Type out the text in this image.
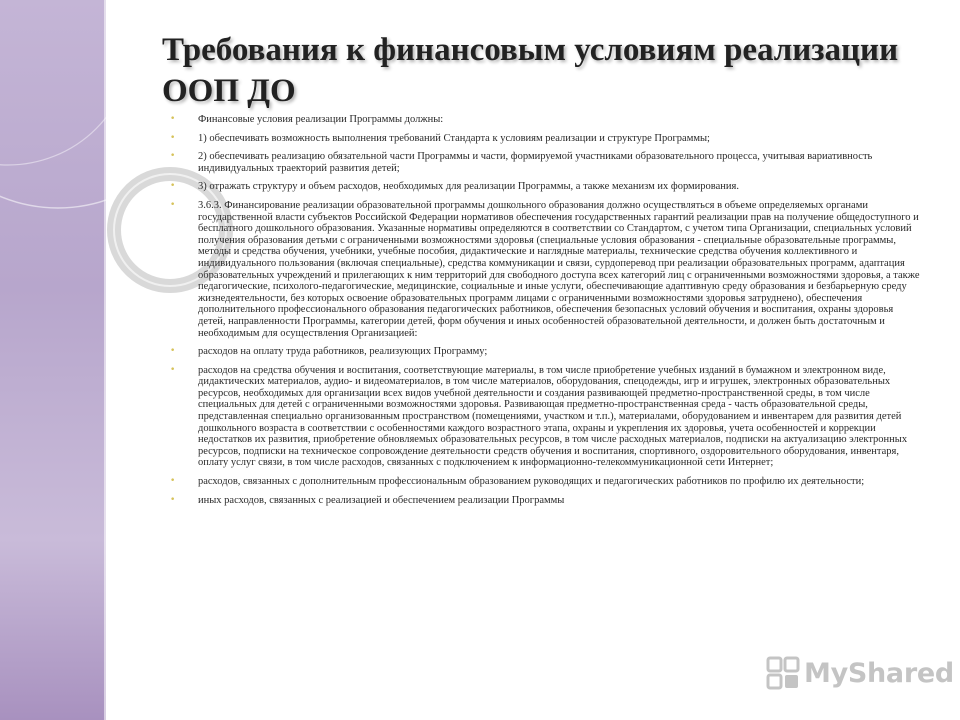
Требования к финансовым условиям реализации ООП ДО
• Финансовые условия реализации Программы должны:
• 1) обеспечивать возможность выполнения требований Стандарта к условиям реализации и структуре Программы;
• 2) обеспечивать реализацию обязательной части Программы и части, формируемой участниками образовательного процесса, учитывая вариативность индивидуальных траекторий развития детей;
• 3) отражать структуру и объем расходов, необходимых для реализации Программы, а также механизм их формирования.
• 3.6.3. Финансирование реализации образовательной программы дошкольного образования должно осуществляться в объеме определяемых органами государственной власти субъектов Российской Федерации нормативов обеспечения государственных гарантий реализации прав на получение общедоступного и бесплатного дошкольного образования. Указанные нормативы определяются в соответствии со Стандартом, с учетом типа Организации, специальных условий получения образования детьми с ограниченными возможностями здоровья (специальные условия образования - специальные образовательные программы, методы и средства обучения, учебники, учебные пособия, дидактические и наглядные материалы, технические средства обучения коллективного и индивидуального пользования (включая специальные), средства коммуникации и связи, сурдоперевод при реализации образовательных программ, адаптация образовательных учреждений и прилегающих к ним территорий для свободного доступа всех категорий лиц с ограниченными возможностями здоровья, а также педагогические, психолого-педагогические, медицинские, социальные и иные услуги, обеспечивающие адаптивную среду образования и безбарьерную среду жизнедеятельности, без которых освоение образовательных программ лицами с ограниченными возможностями здоровья затруднено), обеспечения дополнительного профессионального образования педагогических работников, обеспечения безопасных условий обучения и воспитания, охраны здоровья детей, направленности Программы, категории детей, форм обучения и иных особенностей образовательной деятельности, и должен быть достаточным и необходимым для осуществления Организацией:
• расходов на оплату труда работников, реализующих Программу;
• расходов на средства обучения и воспитания, соответствующие материалы, в том числе приобретение учебных изданий в бумажном и электронном виде, дидактических материалов, аудио- и видеоматериалов, в том числе материалов, оборудования, спецодежды, игр и игрушек, электронных образовательных ресурсов, необходимых для организации всех видов учебной деятельности и создания развивающей предметно-пространственной среды, в том числе специальных для детей с ограниченными возможностями здоровья. Развивающая предметно-пространственная среда - часть образовательной среды, представленная специально организованным пространством (помещениями, участком и т.п.), материалами, оборудованием и инвентарем для развития детей дошкольного возраста в соответствии с особенностями каждого возрастного этапа, охраны и укрепления их здоровья, учета особенностей и коррекции недостатков их развития, приобретение обновляемых образовательных ресурсов, в том числе расходных материалов, подписки на актуализацию электронных ресурсов, подписки на техническое сопровождение деятельности средств обучения и воспитания, спортивного, оздоровительного оборудования, инвентаря, оплату услуг связи, в том числе расходов, связанных с подключением к информационно-телекоммуникационной сети Интернет;
• расходов, связанных с дополнительным профессиональным образованием руководящих и педагогических работников по профилю их деятельности;
• иных расходов, связанных с реализацией и обеспечением реализации Программы
MyShared
